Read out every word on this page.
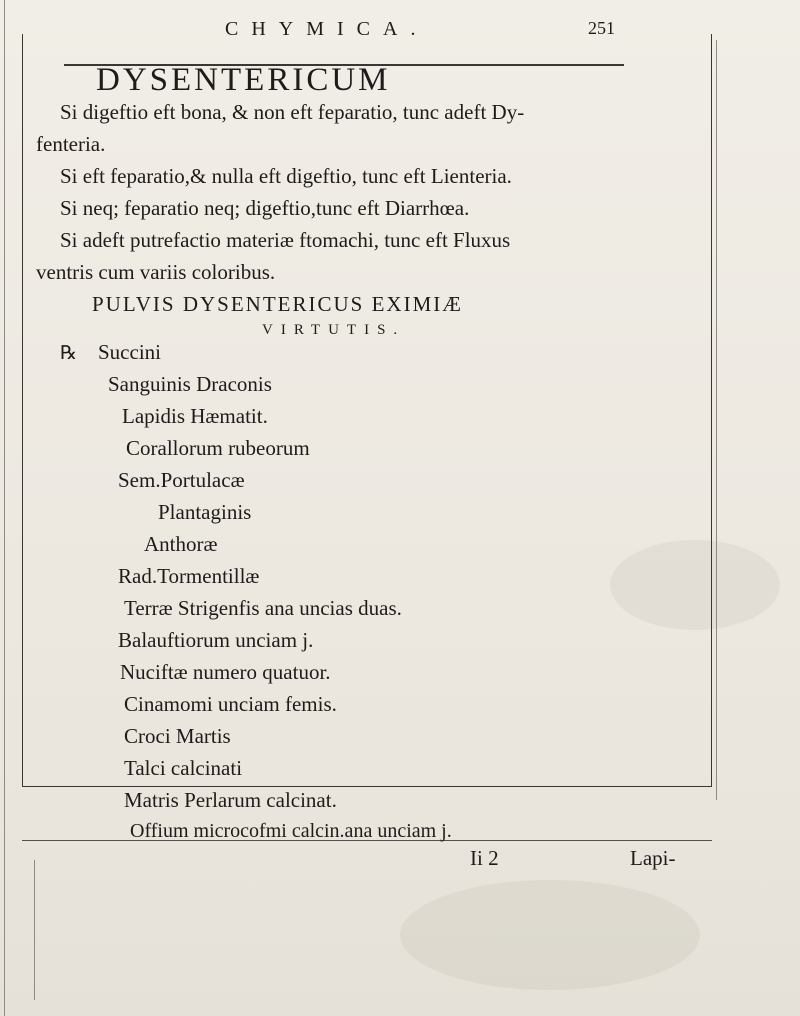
CHYMICA.	251
DYSENTERICUM
Si digeftio eft bona, & non eft feparatio, tunc adeft Dy-
fenteria.
Si eft feparatio,& nulla eft digeftio, tunc eft Lienteria.
Si neq; feparatio neq; digeftio,tunc eft Diarrhœa.
Si adeft putrefactio materiæ ftomachi, tunc eft Fluxus
ventris cum variis coloribus.
PULVIS DYSENTERICUS EXIMIÆ
VIRTUTIS.
℞ Succini
Sanguinis Draconis
Lapidis Hæmatit.
Corallorum rubeorum
Sem.Portulacæ
Plantaginis
Anthoræ
Rad.Tormentillæ
Terræ Strigenfis ana uncias duas.
Balauftiorum unciam j.
Nuciftæ numero quatuor.
Cinamomi unciam femis.
Croci Martis
Talci calcinati
Matris Perlarum calcinat.
Offium microcofmi calcin.ana unciam j.
Ii 2	Lapi-
